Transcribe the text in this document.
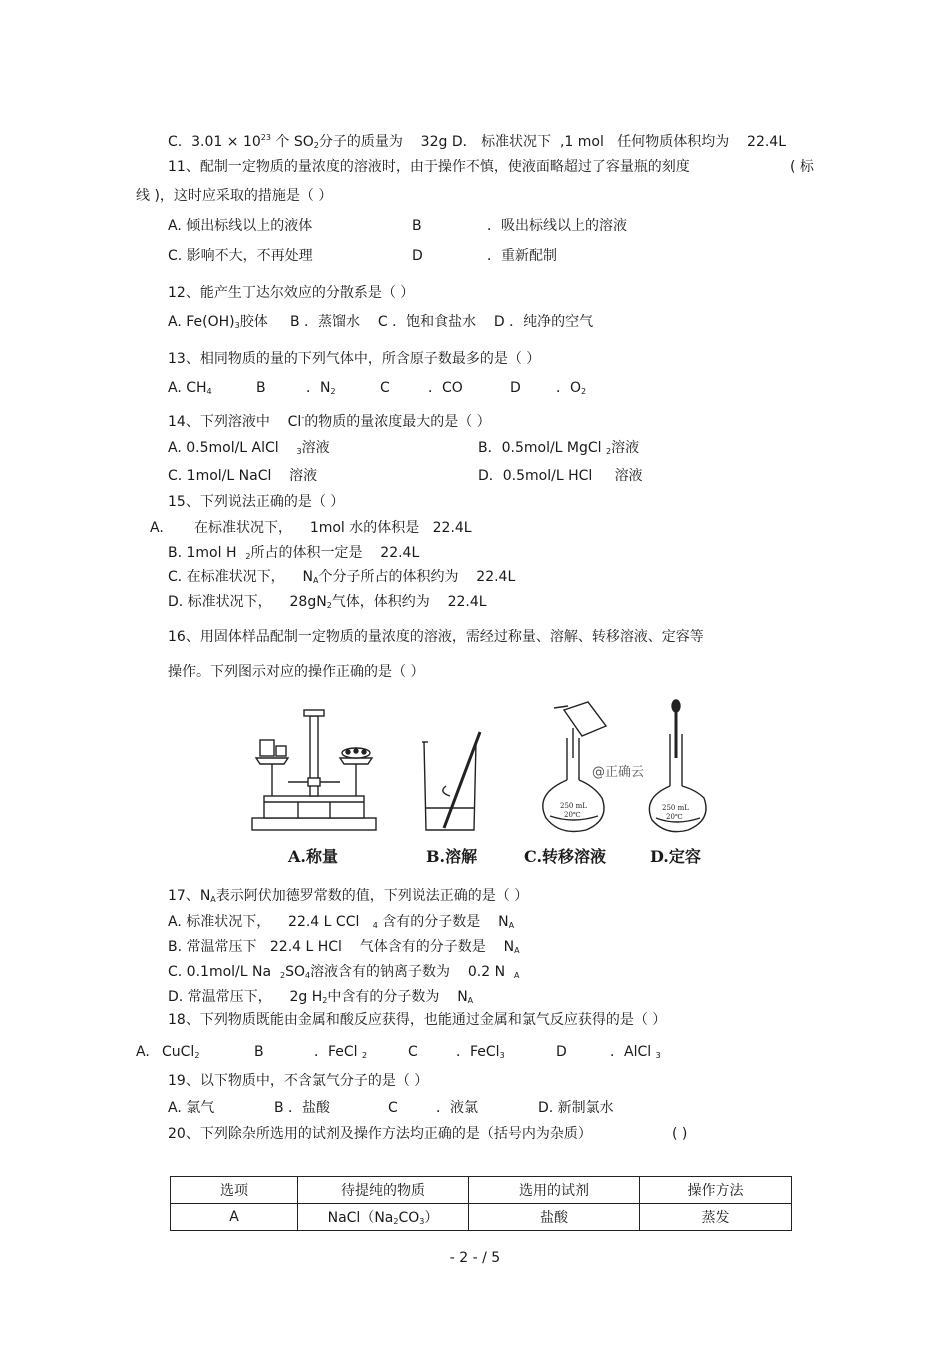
C. $3.01 \times 10^{23}$ 个 $SO_2$分子的质量为 32g D． 标准状况下 ,1 mol 任何物质体积均为 22.4L
11、配制一定物质的量浓度的溶液时，由于操作不慎，使液面略超过了容量瓶的刻度	( 标
线 )，这时应采取的措施是（ ）
A. 倾出标线以上的液体	B	．吸出标线以上的溶液
C. 影响不大，不再处理	D	．重新配制
12、能产生丁达尔效应的分散系是（ ）
A. $Fe(OH)_3$胶体 B ．蒸馏水 C ．饱和食盐水 D ．纯净的空气
13、相同物质的量的下列气体中，所含原子数最多的是（ ）
A. $CH_4$	B	．$N_2$	C	．CO	D	．$O_2$
14、下列溶液中 Cl-的物质的量浓度最大的是（ ）
A. 0.5mol/L AlCl $_3$溶液	B．0.5mol/L MgCl $_2$溶液
C. 1mol/L NaCl 溶液	D．0.5mol/L HCl 溶液
15、下列说法正确的是（ ）
A. 在标准状况下， 1mol 水的体积是 22.4L
B. 1mol H $_2$所占的体积一定是 22.4L
C. 在标准状况下， $N_A$个分子所占的体积约为 22.4L
D. 标准状况下， $28gN_2$气体，体积约为 22.4L
16、用固体样品配制一定物质的量浓度的溶液，需经过称量、溶解、转移溶液、定容等
操作。下列图示对应的操作正确的是（ ）
@正确云
250 mL
20℃
250 mL
20℃
A.称量	B.溶解	C.转移溶液	D.定容
17、$N_A$表示阿伏加德罗常数的值，下列说法正确的是（ ）
A. 标准状况下， 22.4 L CCl $_4$ 含有的分子数是 $N_A$
B. 常温常压下 22.4 L HCl 气体含有的分子数是 $N_A$
C. 0.1mol/L Na $_2SO_4$溶液含有的钠离子数为 0.2 N $_A$
D. 常温常压下， 2g $H_2$中含有的分子数为 $N_A$
18、下列物质既能由金属和酸反应获得，也能通过金属和氯气反应获得的是（ ）
A. CuCl$_2$	B	．FeCl $_2$	C	．FeCl$_3$	D	．AlCl $_3$
19、以下物质中，不含氯气分子的是（ ）
A. 氯气	B ．盐酸	C	．液氯	D. 新制氯水
20、下列除杂所选用的试剂及操作方法均正确的是（括号内为杂质）	( )
选项	待提纯的物质	选用的试剂	操作方法
A	$NaCl(Na_2CO_3)$	盐酸	蒸发
- 2 - / 5
